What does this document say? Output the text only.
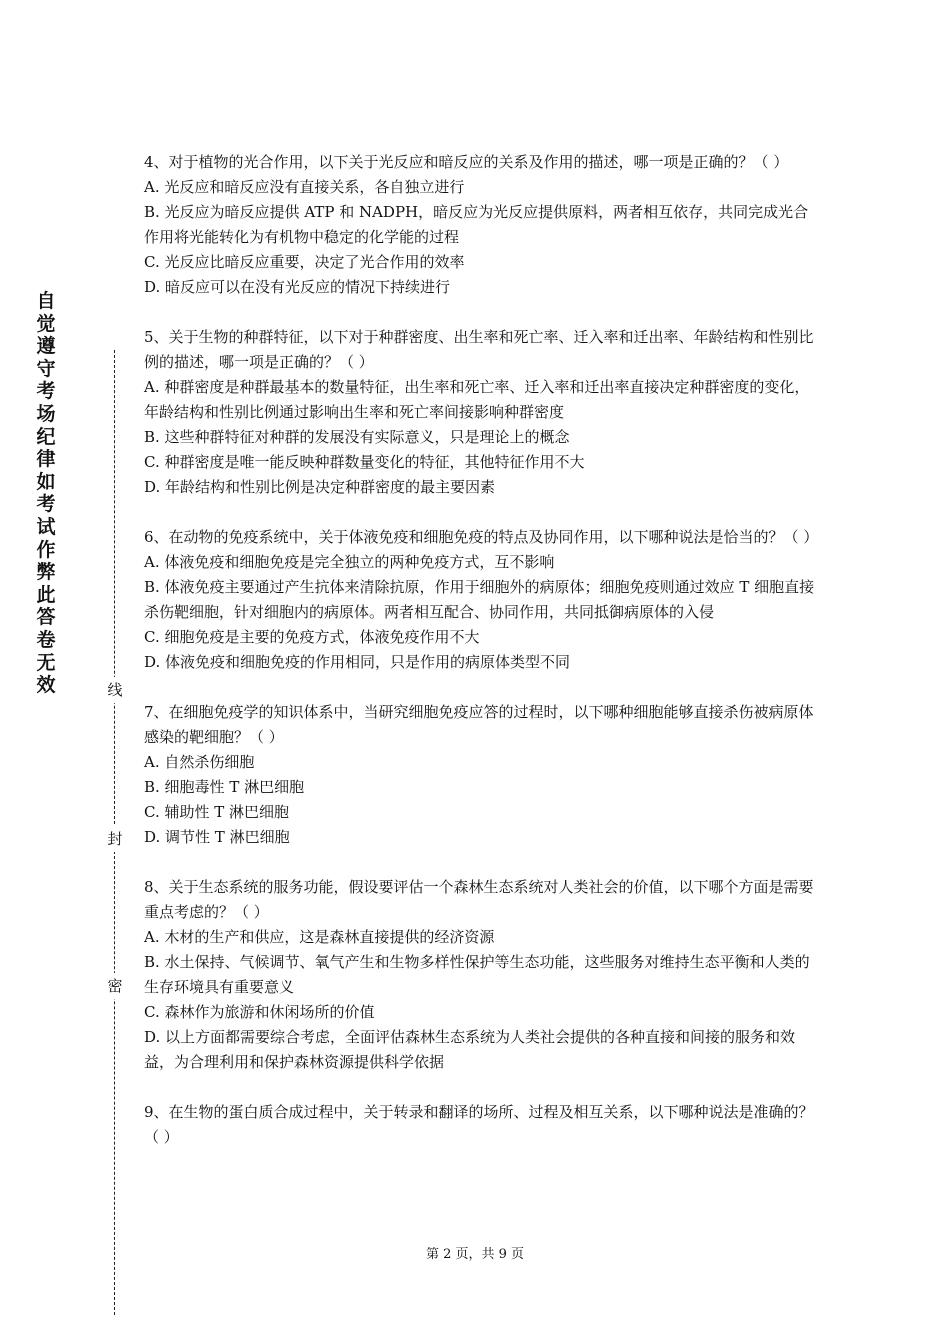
自觉遵守考场纪律如考试作弊此答卷无效	线
封
密

4、对于植物的光合作用，以下关于光反应和暗反应的关系及作用的描述，哪一项是正确的？（ ）

A. 光反应和暗反应没有直接关系，各自独立进行

B. 光反应为暗反应提供 ATP 和 NADPH，暗反应为光反应提供原料，两者相互依存，共同完成光合作用将光能转化为有机物中稳定的化学能的过程

C. 光反应比暗反应重要，决定了光合作用的效率

D. 暗反应可以在没有光反应的情况下持续进行

5、关于生物的种群特征，以下对于种群密度、出生率和死亡率、迁入率和迁出率、年龄结构和性别比例的描述，哪一项是正确的？（ ）

A. 种群密度是种群最基本的数量特征，出生率和死亡率、迁入率和迁出率直接决定种群密度的变化，年龄结构和性别比例通过影响出生率和死亡率间接影响种群密度

B. 这些种群特征对种群的发展没有实际意义，只是理论上的概念

C. 种群密度是唯一能反映种群数量变化的特征，其他特征作用不大

D. 年龄结构和性别比例是决定种群密度的最主要因素

6、在动物的免疫系统中，关于体液免疫和细胞免疫的特点及协同作用，以下哪种说法是恰当的？（ ）

A. 体液免疫和细胞免疫是完全独立的两种免疫方式，互不影响

B. 体液免疫主要通过产生抗体来清除抗原，作用于细胞外的病原体；细胞免疫则通过效应 T 细胞直接杀伤靶细胞，针对细胞内的病原体。两者相互配合、协同作用，共同抵御病原体的入侵

C. 细胞免疫是主要的免疫方式，体液免疫作用不大

D. 体液免疫和细胞免疫的作用相同，只是作用的病原体类型不同

7、在细胞免疫学的知识体系中，当研究细胞免疫应答的过程时，以下哪种细胞能够直接杀伤被病原体感染的靶细胞？（ ）

A. 自然杀伤细胞

B. 细胞毒性 T 淋巴细胞

C. 辅助性 T 淋巴细胞

D. 调节性 T 淋巴细胞

8、关于生态系统的服务功能，假设要评估一个森林生态系统对人类社会的价值，以下哪个方面是需要重点考虑的？（ ）

A. 木材的生产和供应，这是森林直接提供的经济资源

B. 水土保持、气候调节、氧气产生和生物多样性保护等生态功能，这些服务对维持生态平衡和人类的生存环境具有重要意义

C. 森林作为旅游和休闲场所的价值

D. 以上方面都需要综合考虑，全面评估森林生态系统为人类社会提供的各种直接和间接的服务和效益，为合理利用和保护森林资源提供科学依据

9、在生物的蛋白质合成过程中，关于转录和翻译的场所、过程及相互关系，以下哪种说法是准确的？（ ）

第 2 页，共 9 页
